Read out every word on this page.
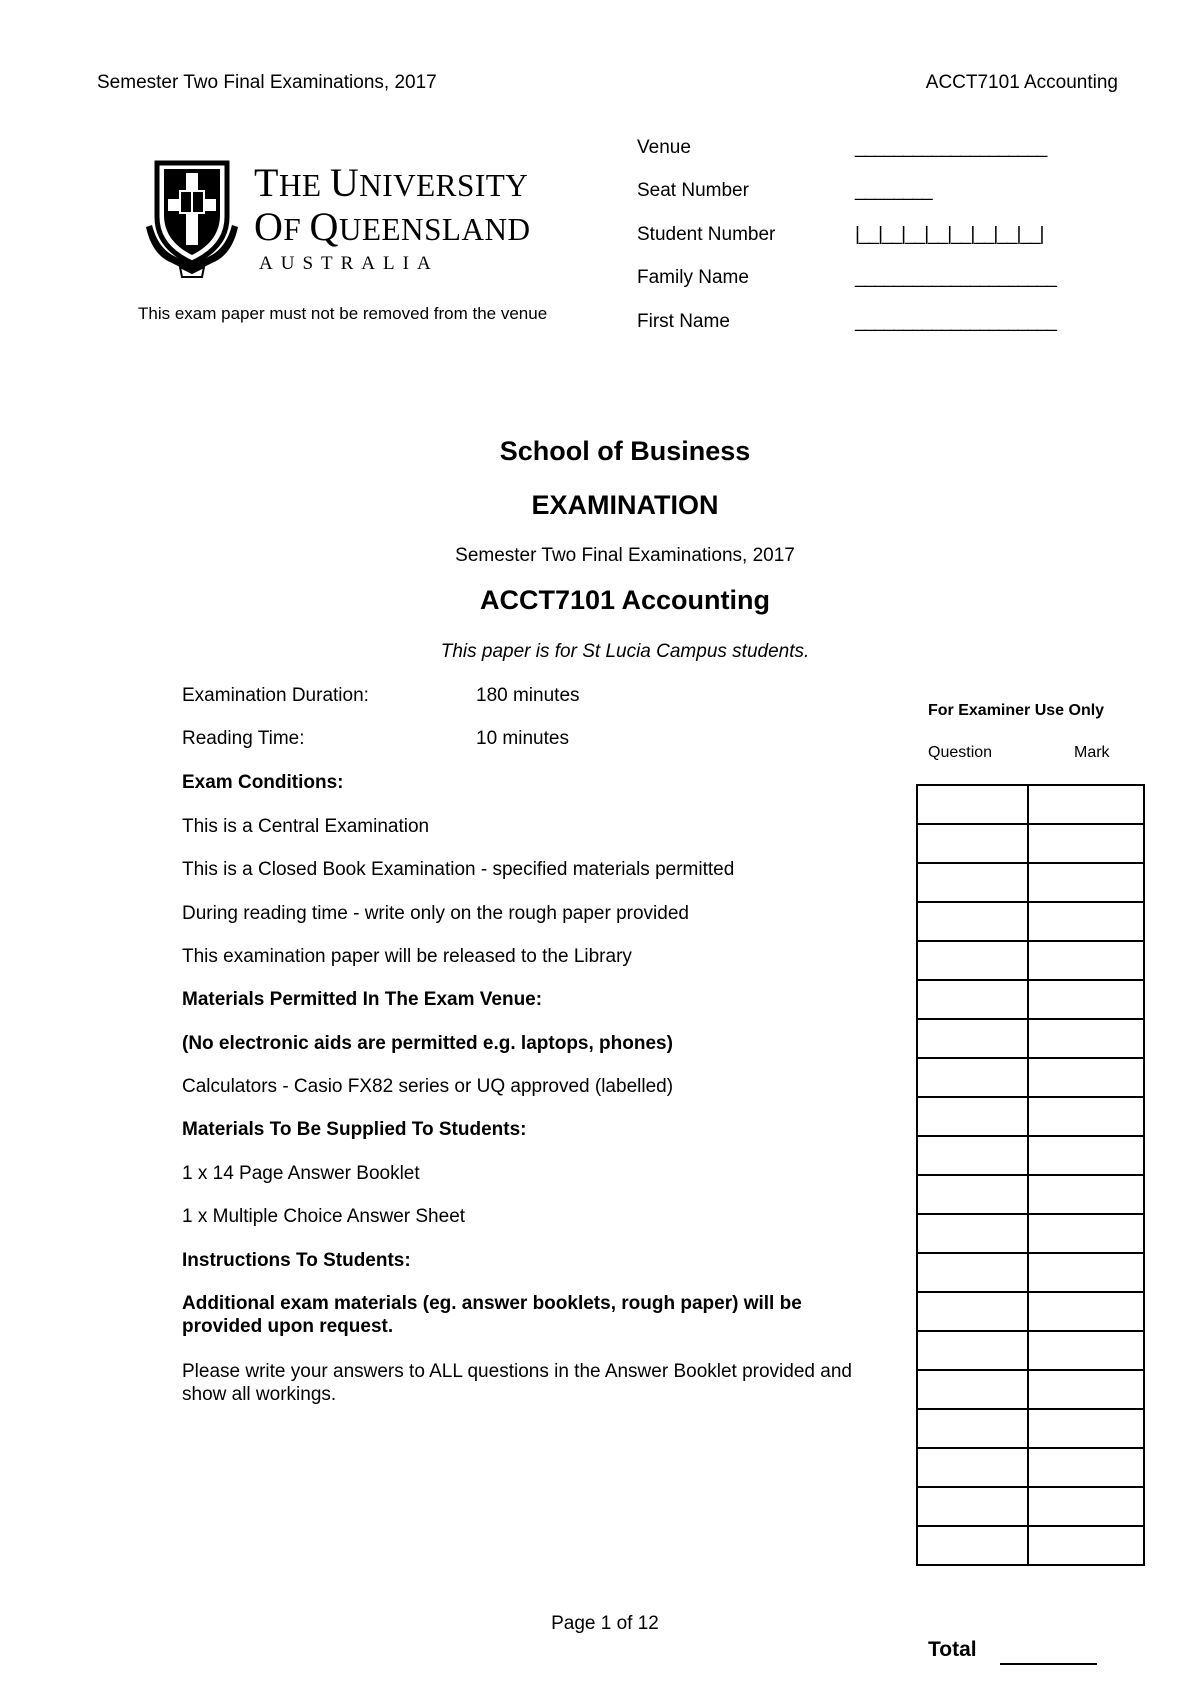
Semester Two Final Examinations, 2017	ACCT7101 Accounting
THE UNIVERSITY
OF QUEENSLAND
AUSTRALIA
This exam paper must not be removed from the venue
Venue	____________________
Seat Number	________
Student Number	|__|__|__|__|__|__|__|__|
Family Name	_____________________
First Name	_____________________
School of Business
EXAMINATION
Semester Two Final Examinations, 2017
ACCT7101 Accounting
This paper is for St Lucia Campus students.
Examination Duration:	180 minutes
Reading Time:	10 minutes
Exam Conditions:
This is a Central Examination
This is a Closed Book Examination - specified materials permitted
During reading time - write only on the rough paper provided
This examination paper will be released to the Library
Materials Permitted In The Exam Venue:
(No electronic aids are permitted e.g. laptops, phones)
Calculators - Casio FX82 series or UQ approved (labelled)
Materials To Be Supplied To Students:
1 x 14 Page Answer Booklet
1 x Multiple Choice Answer Sheet
Instructions To Students:
Additional exam materials (eg. answer booklets, rough paper) will be provided upon request.
Please write your answers to ALL questions in the Answer Booklet provided and show all workings.
For Examiner Use Only
Question	Mark

Total
Page 1 of 12
